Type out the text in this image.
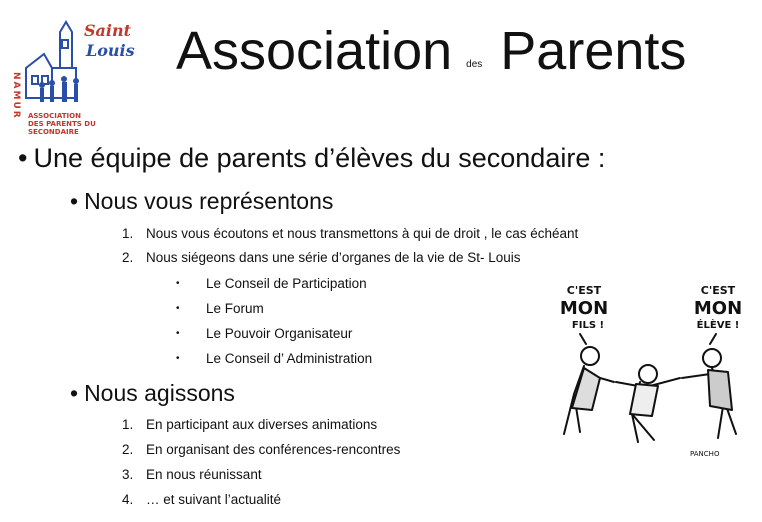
NAMUR
Saint
Louis
ASSOCIATION
DES PARENTS DU SECONDAIRE
Association des Parents
• Une équipe de parents d’élèves du secondaire :
• Nous vous représentons
1. Nous vous écoutons et nous transmettons à qui de droit , le cas échéant
2. Nous siégeons dans une série d’organes de la vie de St- Louis
• Le Conseil de Participation
• Le Forum
• Le Pouvoir Organisateur
• Le Conseil d’ Administration
• Nous agissons
1. En participant aux diverses animations
2. En organisant des conférences-rencontres
3. En nous réunissant
4. … et suivant l’actualité
C'EST
MON
FILS !
C'EST
MON
ÉLÈVE !
PANCHO
